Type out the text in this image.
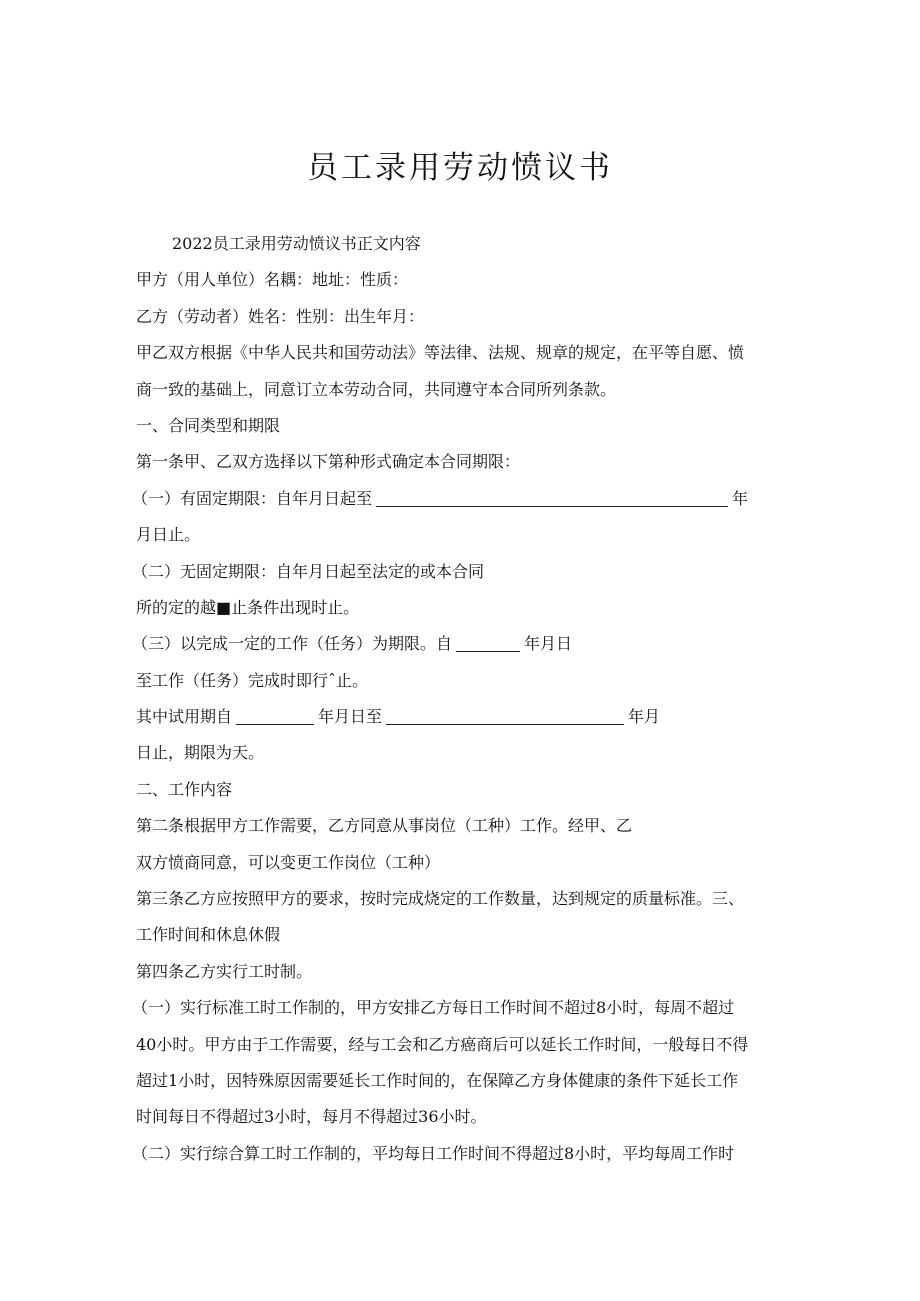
员工录用劳动愤议书
2022员工录用劳动愤议书正文内容
甲方（用人单位）名耦：地址：性质：
乙方（劳动者）姓名：性别：出生年月：
甲乙双方根据《中华人民共和国劳动法》等法律、法规、规章的规定，在平等自愿、愤
商一致的基础上，同意订立本劳动合同，共同遵守本合同所列条款。
一、合同类型和期限
第一条甲、乙双方选择以下第种形式确定本合同期限：
（一）有固定期限：自年月日起至	年
月日止。
（二）无固定期限：自年月日起至法定的或本合同
所的定的越■止条件出现时止。
（三）以完成一定的工作（任务）为期限。自	年月日
至工作（任务）完成时即行ˆ止。
其中试用期自	年月日至	年月
日止，期限为天。
二、工作内容
第二条根据甲方工作需要，乙方同意从事岗位（工种）工作。经甲、乙
双方愤商同意，可以变更工作岗位（工种）
第三条乙方应按照甲方的要求，按时完成烧定的工作数量，达到规定的质量标准。三、
工作时间和休息休假
第四条乙方实行工时制。
（一）实行标准工时工作制的，甲方安排乙方每日工作时间不超过8小时，每周不超过
40小时。甲方由于工作需要，经与工会和乙方癌商后可以延长工作时间，一般每日不得
超过1小时，因特殊原因需要延长工作时间的，在保障乙方身体健康的条件下延长工作
时间每日不得超过3小时，每月不得超过36小时。
（二）实行综合算工时工作制的，平均每日工作时间不得超过8小时，平均每周工作时
